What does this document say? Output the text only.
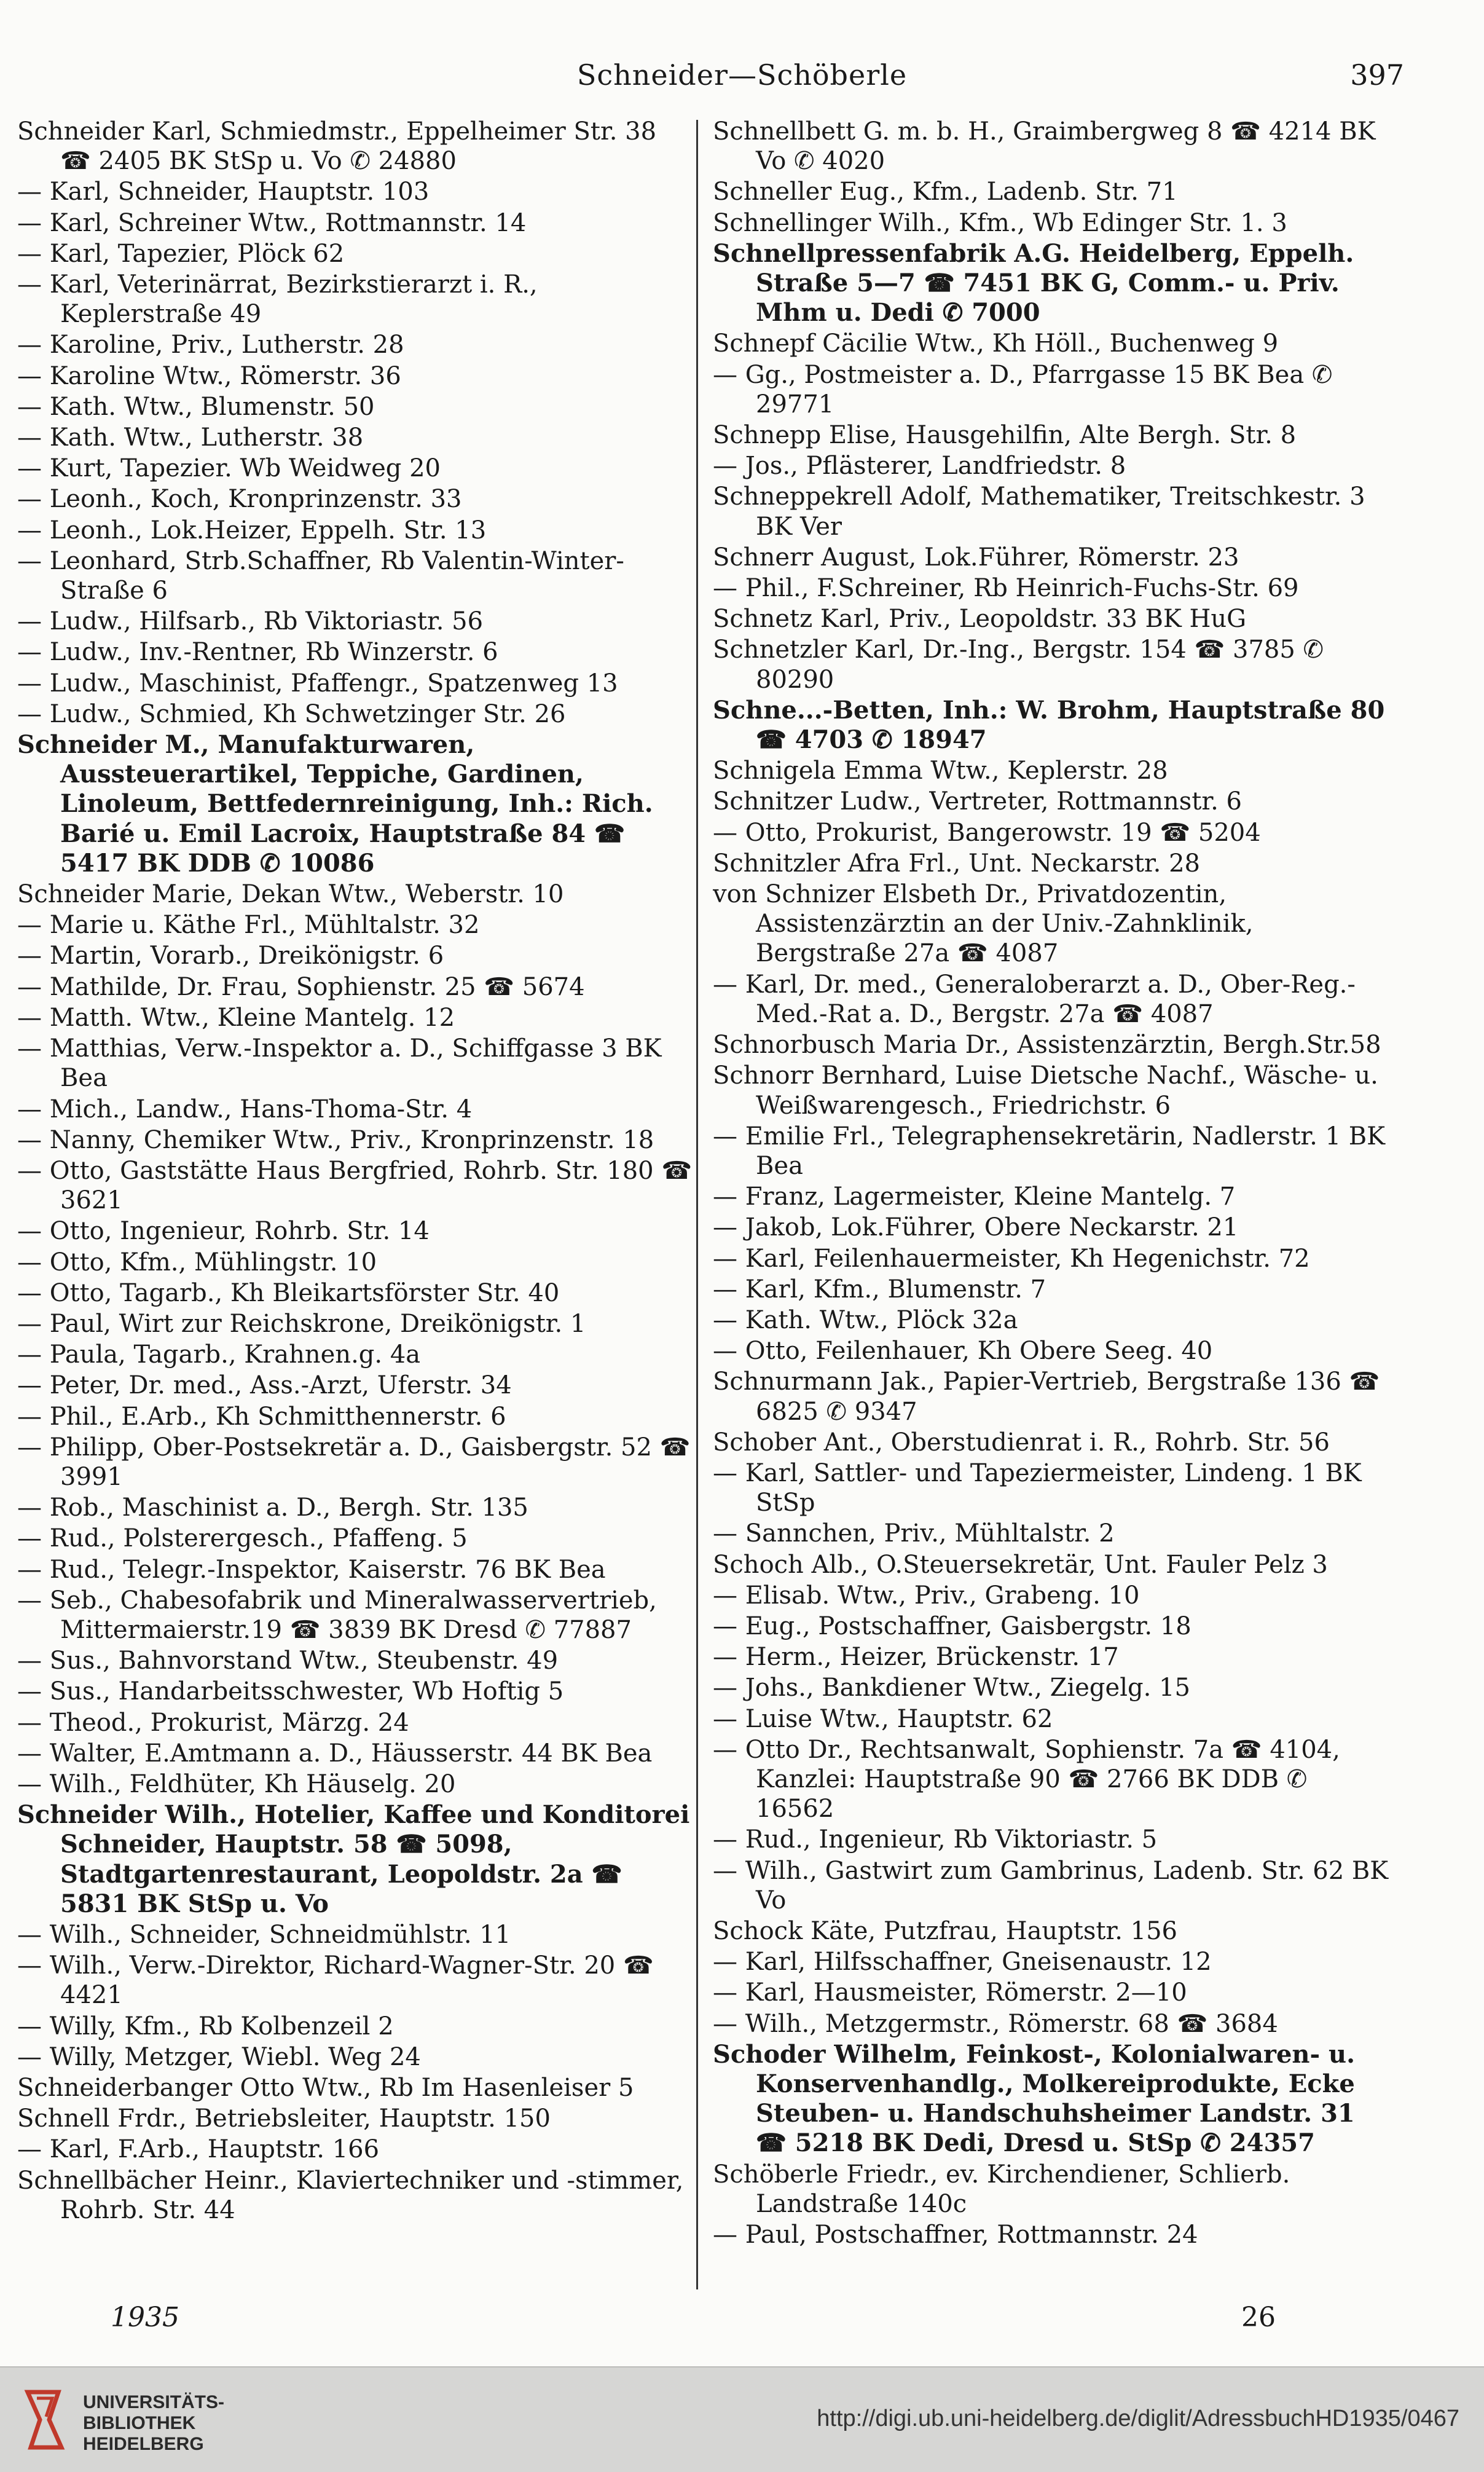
Schneider—Schöberle	397
Schneider Karl, Schmiedmstr., Eppelheimer Str. 38 ☎ 2405 BK StSp u. Vo ✆ 24880
— Karl, Schneider, Hauptstr. 103
— Karl, Schreiner Wtw., Rottmannstr. 14
— Karl, Tapezier, Plöck 62
— Karl, Veterinärrat, Bezirkstierarzt i. R., Keplerstraße 49
— Karoline, Priv., Lutherstr. 28
— Karoline Wtw., Römerstr. 36
— Kath. Wtw., Blumenstr. 50
— Kath. Wtw., Lutherstr. 38
— Kurt, Tapezier. Wb Weidweg 20
— Leonh., Koch, Kronprinzenstr. 33
— Leonh., Lok.Heizer, Eppelh. Str. 13
— Leonhard, Strb.Schaffner, Rb Valentin-Winter-Straße 6
— Ludw., Hilfsarb., Rb Viktoriastr. 56
— Ludw., Inv.-Rentner, Rb Winzerstr. 6
— Ludw., Maschinist, Pfaffengr., Spatzenweg 13
— Ludw., Schmied, Kh Schwetzinger Str. 26
Schneider M., Manufakturwaren, Aussteuerartikel, Teppiche, Gardinen, Linoleum, Bettfedernreinigung, Inh.: Rich. Barié u. Emil Lacroix, Hauptstraße 84 ☎ 5417 BK DDB ✆ 10086
Schneider Marie, Dekan Wtw., Weberstr. 10
— Marie u. Käthe Frl., Mühltalstr. 32
— Martin, Vorarb., Dreikönigstr. 6
— Mathilde, Dr. Frau, Sophienstr. 25 ☎ 5674
— Matth. Wtw., Kleine Mantelg. 12
— Matthias, Verw.-Inspektor a. D., Schiffgasse 3 BK Bea
— Mich., Landw., Hans-Thoma-Str. 4
— Nanny, Chemiker Wtw., Priv., Kronprinzenstr. 18
— Otto, Gaststätte Haus Bergfried, Rohrb. Str. 180 ☎ 3621
— Otto, Ingenieur, Rohrb. Str. 14
— Otto, Kfm., Mühlingstr. 10
— Otto, Tagarb., Kh Bleikartsförster Str. 40
— Paul, Wirt zur Reichskrone, Dreikönigstr. 1
— Paula, Tagarb., Krahnen.g. 4a
— Peter, Dr. med., Ass.-Arzt, Uferstr. 34
— Phil., E.Arb., Kh Schmitthennerstr. 6
— Philipp, Ober-Postsekretär a. D., Gaisbergstr. 52 ☎ 3991
— Rob., Maschinist a. D., Bergh. Str. 135
— Rud., Polsterergesch., Pfaffeng. 5
— Rud., Telegr.-Inspektor, Kaiserstr. 76 BK Bea
— Seb., Chabesofabrik und Mineralwasservertrieb, Mittermaierstr.19 ☎ 3839 BK Dresd ✆ 77887
— Sus., Bahnvorstand Wtw., Steubenstr. 49
— Sus., Handarbeitsschwester, Wb Hoftig 5
— Theod., Prokurist, Märzg. 24
— Walter, E.Amtmann a. D., Häusserstr. 44 BK Bea
— Wilh., Feldhüter, Kh Häuselg. 20
Schneider Wilh., Hotelier, Kaffee und Konditorei Schneider, Hauptstr. 58 ☎ 5098, Stadtgartenrestaurant, Leopoldstr. 2a ☎ 5831 BK StSp u. Vo
— Wilh., Schneider, Schneidmühlstr. 11
— Wilh., Verw.-Direktor, Richard-Wagner-Str. 20 ☎ 4421
— Willy, Kfm., Rb Kolbenzeil 2
— Willy, Metzger, Wiebl. Weg 24
Schneiderbanger Otto Wtw., Rb Im Hasenleiser 5
Schnell Frdr., Betriebsleiter, Hauptstr. 150
— Karl, F.Arb., Hauptstr. 166
Schnellbächer Heinr., Klaviertechniker und -stimmer, Rohrb. Str. 44
Schnellbett G. m. b. H., Graimbergweg 8 ☎ 4214 BK Vo ✆ 4020
Schneller Eug., Kfm., Ladenb. Str. 71
Schnellinger Wilh., Kfm., Wb Edinger Str. 1. 3
Schnellpressenfabrik A.G. Heidelberg, Eppelh. Straße 5—7 ☎ 7451 BK G, Comm.- u. Priv. Mhm u. Dedi ✆ 7000
Schnepf Cäcilie Wtw., Kh Höll., Buchenweg 9
— Gg., Postmeister a. D., Pfarrgasse 15 BK Bea ✆ 29771
Schnepp Elise, Hausgehilfin, Alte Bergh. Str. 8
— Jos., Pflästerer, Landfriedstr. 8
Schneppekrell Adolf, Mathematiker, Treitschkestr. 3 BK Ver
Schnerr August, Lok.Führer, Römerstr. 23
— Phil., F.Schreiner, Rb Heinrich-Fuchs-Str. 69
Schnetz Karl, Priv., Leopoldstr. 33 BK HuG
Schnetzler Karl, Dr.-Ing., Bergstr. 154 ☎ 3785 ✆ 80290
Schne...-Betten, Inh.: W. Brohm, Hauptstraße 80 ☎ 4703 ✆ 18947
Schnigela Emma Wtw., Keplerstr. 28
Schnitzer Ludw., Vertreter, Rottmannstr. 6
— Otto, Prokurist, Bangerowstr. 19 ☎ 5204
Schnitzler Afra Frl., Unt. Neckarstr. 28
von Schnizer Elsbeth Dr., Privatdozentin, Assistenzärztin an der Univ.-Zahnklinik, Bergstraße 27a ☎ 4087
— Karl, Dr. med., Generaloberarzt a. D., Ober-Reg.-Med.-Rat a. D., Bergstr. 27a ☎ 4087
Schnorbusch Maria Dr., Assistenzärztin, Bergh.Str.58
Schnorr Bernhard, Luise Dietsche Nachf., Wäsche- u. Weißwarengesch., Friedrichstr. 6
— Emilie Frl., Telegraphensekretärin, Nadlerstr. 1 BK Bea
— Franz, Lagermeister, Kleine Mantelg. 7
— Jakob, Lok.Führer, Obere Neckarstr. 21
— Karl, Feilenhauermeister, Kh Hegenichstr. 72
— Karl, Kfm., Blumenstr. 7
— Kath. Wtw., Plöck 32a
— Otto, Feilenhauer, Kh Obere Seeg. 40
Schnurmann Jak., Papier-Vertrieb, Bergstraße 136 ☎ 6825 ✆ 9347
Schober Ant., Oberstudienrat i. R., Rohrb. Str. 56
— Karl, Sattler- und Tapeziermeister, Lindeng. 1 BK StSp
— Sannchen, Priv., Mühltalstr. 2
Schoch Alb., O.Steuersekretär, Unt. Fauler Pelz 3
— Elisab. Wtw., Priv., Grabeng. 10
— Eug., Postschaffner, Gaisbergstr. 18
— Herm., Heizer, Brückenstr. 17
— Johs., Bankdiener Wtw., Ziegelg. 15
— Luise Wtw., Hauptstr. 62
— Otto Dr., Rechtsanwalt, Sophienstr. 7a ☎ 4104, Kanzlei: Hauptstraße 90 ☎ 2766 BK DDB ✆ 16562
— Rud., Ingenieur, Rb Viktoriastr. 5
— Wilh., Gastwirt zum Gambrinus, Ladenb. Str. 62 BK Vo
Schock Käte, Putzfrau, Hauptstr. 156
— Karl, Hilfsschaffner, Gneisenaustr. 12
— Karl, Hausmeister, Römerstr. 2—10
— Wilh., Metzgermstr., Römerstr. 68 ☎ 3684
Schoder Wilhelm, Feinkost-, Kolonialwaren- u. Konservenhandlg., Molkereiprodukte, Ecke Steuben- u. Handschuhsheimer Landstr. 31 ☎ 5218 BK Dedi, Dresd u. StSp ✆ 24357
Schöberle Friedr., ev. Kirchendiener, Schlierb. Landstraße 140c
— Paul, Postschaffner, Rottmannstr. 24
1935	26
UNIVERSITÄTS-
BIBLIOTHEK
HEIDELBERG
http://digi.ub.uni-heidelberg.de/diglit/AdressbuchHD1935/0467
